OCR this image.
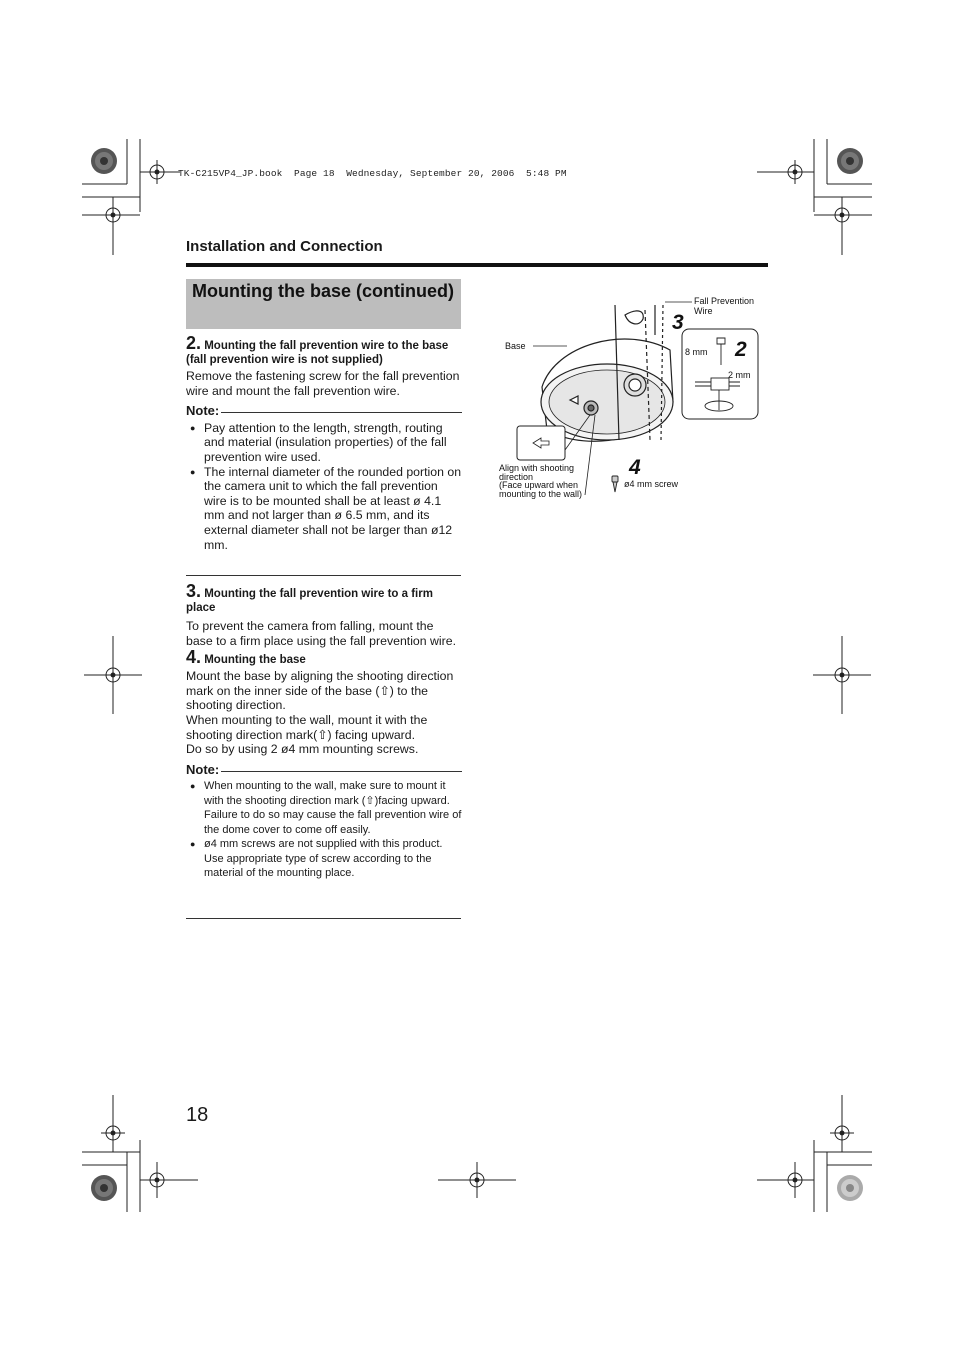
TK-C215VP4_JP.book  Page 18  Wednesday, September 20, 2006  5:48 PM
Installation and Connection
Mounting the base (continued)
2. Mounting the fall prevention wire to the base (fall prevention wire is not supplied)

Remove the fastening screw for the fall prevention wire and mount the fall prevention wire.

Note:
● Pay attention to the length, strength, routing and material (insulation properties) of the fall prevention wire used.
● The internal diameter of the rounded portion on the camera unit to which the fall prevention wire is to be mounted shall be at least ø 4.1 mm and not larger than ø 6.5 mm, and its external diameter shall not be larger than ø12 mm.
3. Mounting the fall prevention wire to a firm place

To prevent the camera from falling, mount the base to a firm place using the fall prevention wire.

4. Mounting the base

Mount the base by aligning the shooting direction mark on the inner side of the base (⇧) to the shooting direction.

When mounting to the wall, mount it with the shooting direction mark(⇧) facing upward.

Do so by using 2 ø4 mm mounting screws.

Note:
● When mounting to the wall, make sure to mount it with the shooting direction mark (⇧)facing upward. Failure to do so may cause the fall prevention wire of the dome cover to come off easily.
● ø4 mm screws are not supplied with this product. Use appropriate type of screw according to the material of the mounting place.
Fall Prevention
Wire
3
Base
8 mm 2
2 mm
4
Align with shooting
direction
(Face upward when
mounting to the wall)
ø4 mm screw
18
